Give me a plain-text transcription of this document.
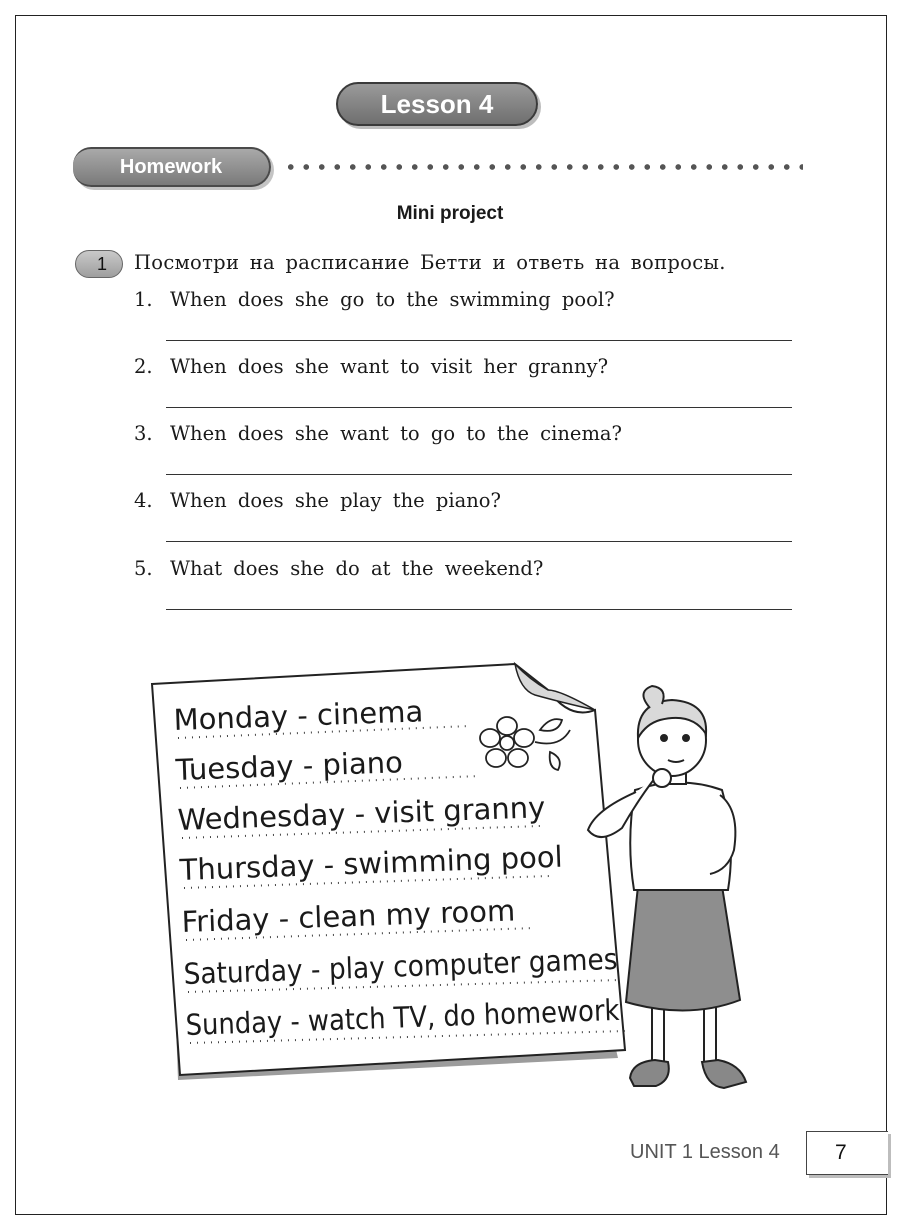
Lesson 4
Homework
Mini project
1	Посмотри на расписание Бетти и ответь на вопросы.
1. When does she go to the swimming pool?
2. When does she want to visit her granny?
3. When does she want to go to the cinema?
4. When does she play the piano?
5. What does she do at the weekend?
Monday - cinema
Tuesday - piano
Wednesday - visit granny
Thursday - swimming pool
Friday - clean my room
Saturday - play computer games
Sunday - watch TV, do homework
UNIT 1 Lesson 4	7
